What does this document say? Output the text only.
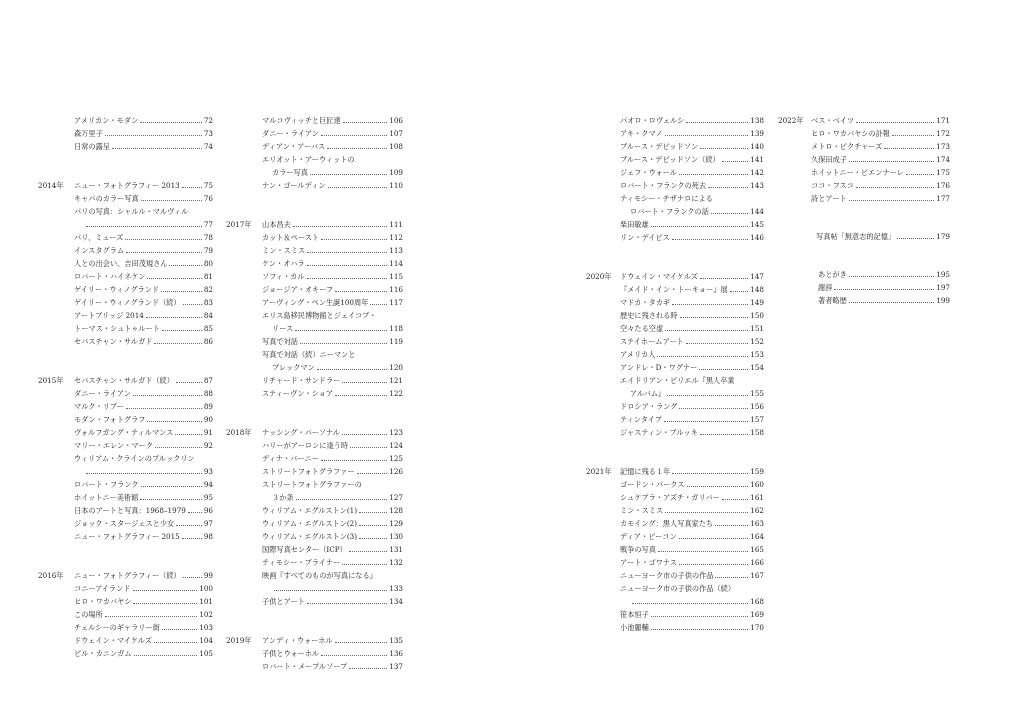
アメリカン・モダン	72
森万里子	73
日常の露呈	74
2014年 ニュー・フォトグラフィー 2013	75
キャパのカラー写真	76
パリの写真：シャルル・マルヴィル
77
パリ、ミューズ	78
インスタグラム	79
人との出会い、吉田茂規さん	80
ロバート・ハイネケン	81
ゲイリー・ウィノグランド	82
ゲイリー・ウィノグランド（続）	83
アートブリッジ 2014	84
トーマス・シュトゥルート	85
セバスチャン・サルガド	86
2015年 セバスチャン・サルガド（続）	87
ダニー・ライアン	88
マルク・リブー	89
モダン・フォトグラフ	90
ヴォルフガング・ティルマンス	91
マリー・エレン・マーク	92
ウィリアム・クラインのブルックリン
93
ロバート・フランク	94
ホイットニー美術館	95
日本のアートと写真：1968–1979	96
ジョック・スタージェスと少女	97
ニュー・フォトグラフィー 2015	98
2016年 ニュー・フォトグラフィー（続）	99
コニーアイランド	100
ヒロ・ワカバヤシ	101
この場所	102
チェルシーのギャラリー街	103
ドウェイン・マイケルズ	104
ビル・カニンガム	105
マルコヴィッチと巨匠達	106
ダニー・ライアン	107
ディアン・アーバス	108
エリオット・アーウィットの
カラー写真	109
ナン・ゴールディン	110
2017年 山本昌夫	111
カット＆ペースト	112
ミン・スミス	113
ケン・オハラ	114
ソフィ・カル	115
ジョージア・オキーフ	116
アーヴィング・ペン生誕100周年	117
エリス島移民博物館とジェイコブ・
リース	118
写真で対話	119
写真で対話（続）ニーマンと
ブレックマン	120
リチャード・サンドラー	121
スティーヴン・ショア	122
2018年 ナッシング・パーソナル	123
ハリーがアーロンに逢う時	124
ディナ・バーニー	125
ストリートフォトグラファー	126
ストリートフォトグラファーの
３か条	127
ウィリアム・エグルストン(1)	128
ウィリアム・エグルストン(2)	129
ウィリアム・エグルストン(3)	130
国際写真センター（ICP）	131
ティモシー・ブライナー	132
映画『すべてのものが写真になる』
133
子供とアート	134
2019年 アンディ・ウォーホル	135
子供とウォーホル	136
ロバート・メープルソープ	137
パオロ・ロヴェルシ	138
アキ・クマノ	139
ブルース・デビッドソン	140
ブルース・デビッドソン（続）	141
ジェフ・ウォール	142
ロバート・フランクの死去	143
ティモシー・チザナロによる
ロバート・フランクの話	144
柴田敏雄	145
リン・デイビス	146
2020年 ドウェイン・マイケルズ	147
『メイド・イン・トーキョー』展	148
マドカ・タカギ	149
歴史に残される時	150
空々たる空虚	151
ステイホームアート	152
アメリカ人	153
アンドレ・D・ワグナー	154
エイドリアン・ピリエル『黒人卒業
アルバム』	155
ドロシア・ラング	156
ティンタイプ	157
ジャスティン・ブルッキ	158
2021年 記憶に残る１年	159
ゴードン・パークス	160
シュケブラ・アズチ・ガリバー	161
ミン・スミス	162
カモイング：黒人写真家たち	163
ディア・ビーコン	164
戦争の写真	165
アート・ゴワナス	166
ニューヨーク市の子供の作品	167
ニューヨーク市の子供の作品（続）
168
笹本恒子	169
小池麗輔	170
2022年 ベス・ベイツ	171
ヒロ・ワカバヤシの訃報	172
メトロ・ピクチャーズ	173
久保田成子	174
ホイットニー・ビエンナーレ	175
ココ・フスコ	176
詩とアート	177
写真帖「無意志的記憶」	179
あとがき	195
謝辞	197
著者略歴	199
